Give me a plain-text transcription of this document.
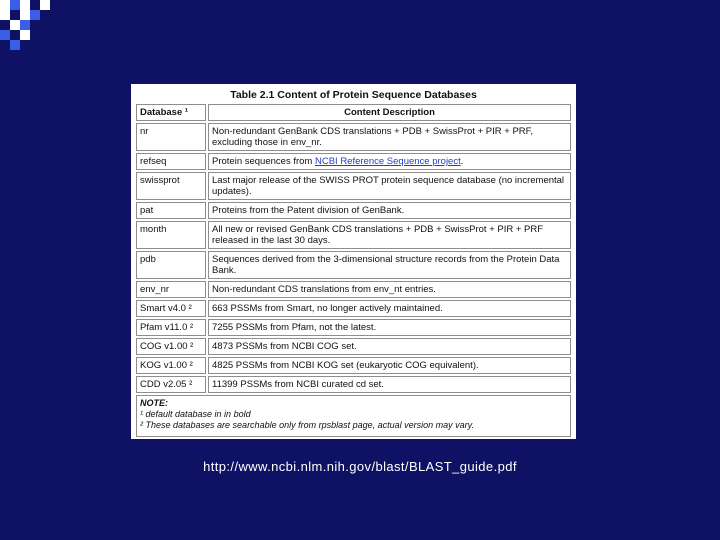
Table 2.1 Content of Protein Sequence Databases
Database ¹	Content Description
nr	Non-redundant GenBank CDS translations + PDB + SwissProt + PIR + PRF, excluding those in env_nr.
refseq	Protein sequences from NCBI Reference Sequence project.
swissprot	Last major release of the SWISS PROT protein sequence database (no incremental updates).
pat	Proteins from the Patent division of GenBank.
month	All new or revised GenBank CDS translations + PDB + SwissProt + PIR + PRF released in the last 30 days.
pdb	Sequences derived from the 3-dimensional structure records from the Protein Data Bank.
env_nr	Non-redundant CDS translations from env_nt entries.
Smart v4.0 ²	663 PSSMs from Smart, no longer actively maintained.
Pfam v11.0 ²	7255 PSSMs from Pfam, not the latest.
COG v1.00 ²	4873 PSSMs from NCBI COG set.
KOG v1.00 ²	4825 PSSMs from NCBI KOG set (eukaryotic COG equivalent).
CDD v2.05 ²	11399 PSSMs from NCBI curated cd set.

NOTE:
¹ default database in in bold
² These databases are searchable only from rpsblast page, actual version may vary.	
http://www.ncbi.nlm.nih.gov/blast/BLAST_guide.pdf
